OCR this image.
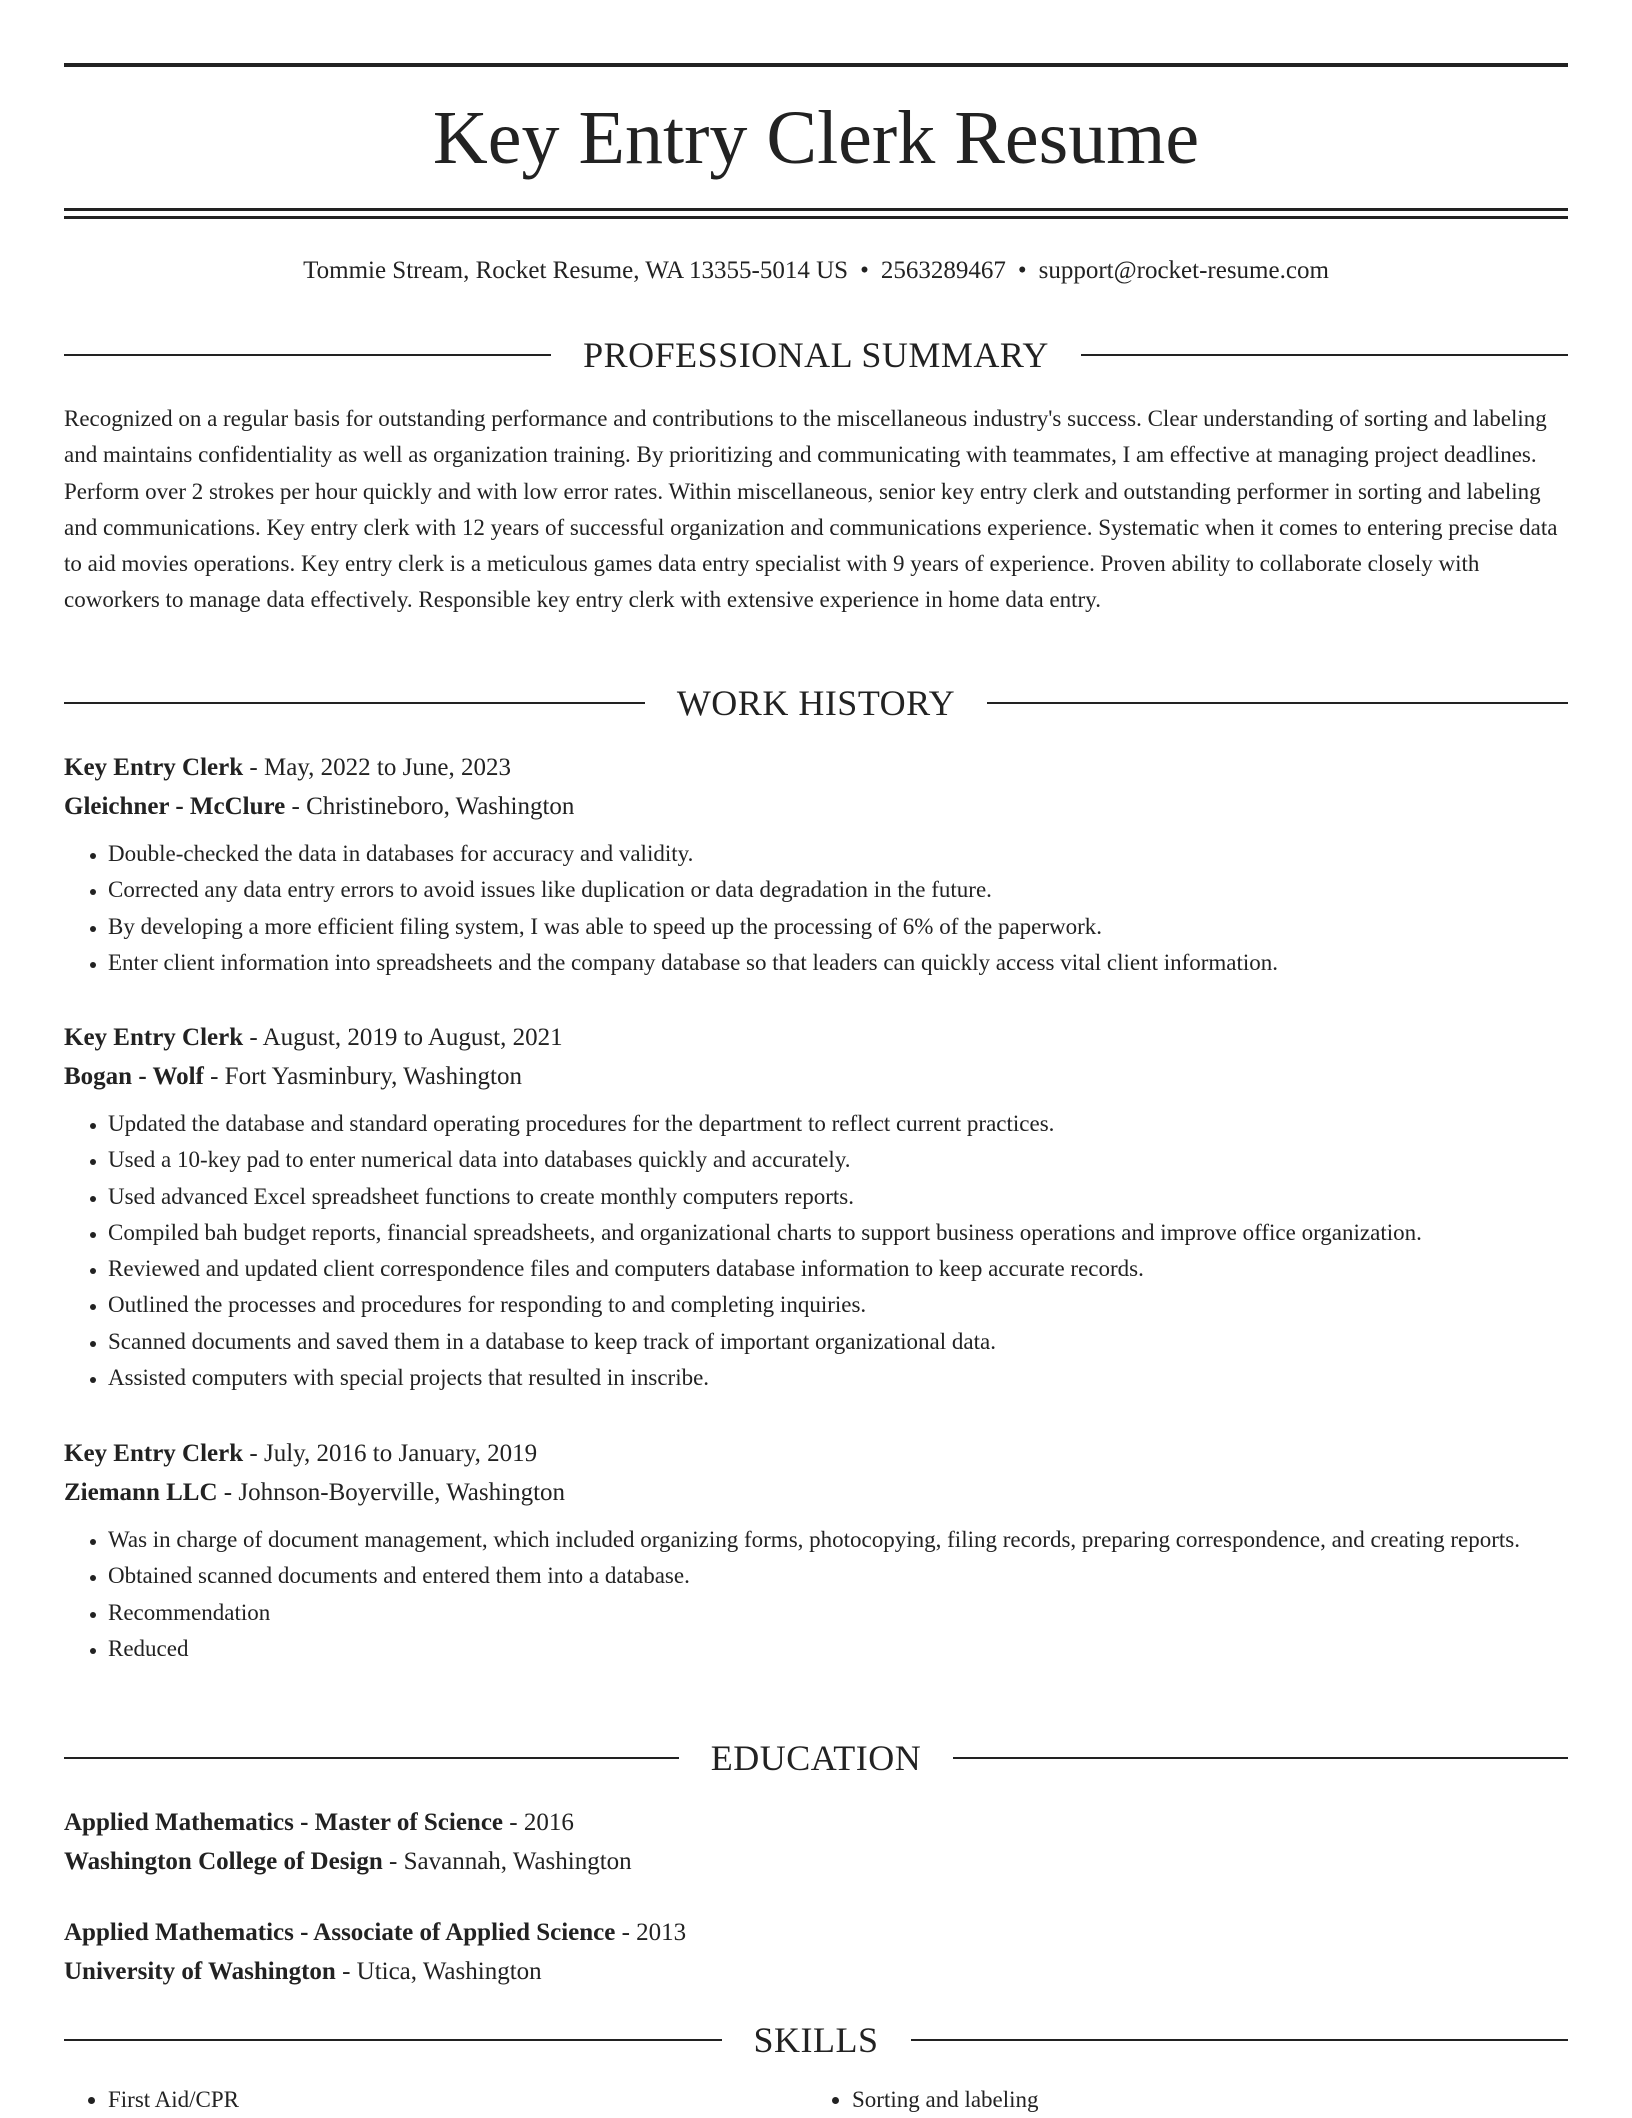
Key Entry Clerk Resume
Tommie Stream, Rocket Resume, WA 13355-5014 US • 2563289467 • support@rocket-resume.com
PROFESSIONAL SUMMARY

Recognized on a regular basis for outstanding performance and contributions to the miscellaneous industry's success. Clear understanding of sorting and labeling and maintains confidentiality as well as organization training. By prioritizing and communicating with teammates, I am effective at managing project deadlines. Perform over 2 strokes per hour quickly and with low error rates. Within miscellaneous, senior key entry clerk and outstanding performer in sorting and labeling and communications. Key entry clerk with 12 years of successful organization and communications experience. Systematic when it comes to entering precise data to aid movies operations. Key entry clerk is a meticulous games data entry specialist with 9 years of experience. Proven ability to collaborate closely with coworkers to manage data effectively. Responsible key entry clerk with extensive experience in home data entry.

WORK HISTORY
Key Entry Clerk - May, 2022 to June, 2023
Gleichner - McClure - Christineboro, Washington
• Double-checked the data in databases for accuracy and validity.
• Corrected any data entry errors to avoid issues like duplication or data degradation in the future.
• By developing a more efficient filing system, I was able to speed up the processing of 6% of the paperwork.
• Enter client information into spreadsheets and the company database so that leaders can quickly access vital client information.
Key Entry Clerk - August, 2019 to August, 2021
Bogan - Wolf - Fort Yasminbury, Washington
• Updated the database and standard operating procedures for the department to reflect current practices.
• Used a 10-key pad to enter numerical data into databases quickly and accurately.
• Used advanced Excel spreadsheet functions to create monthly computers reports.
• Compiled bah budget reports, financial spreadsheets, and organizational charts to support business operations and improve office organization.
• Reviewed and updated client correspondence files and computers database information to keep accurate records.
• Outlined the processes and procedures for responding to and completing inquiries.
• Scanned documents and saved them in a database to keep track of important organizational data.
• Assisted computers with special projects that resulted in inscribe.
Key Entry Clerk - July, 2016 to January, 2019
Ziemann LLC - Johnson-Boyerville, Washington
• Was in charge of document management, which included organizing forms, photocopying, filing records, preparing correspondence, and creating reports.
• Obtained scanned documents and entered them into a database.
• Recommendation
• Reduced
EDUCATION
Applied Mathematics - Master of Science - 2016
Washington College of Design - Savannah, Washington
Applied Mathematics - Associate of Applied Science - 2013
University of Washington - Utica, Washington
SKILLS
• First Aid/CPR
•	Sorting and labeling
